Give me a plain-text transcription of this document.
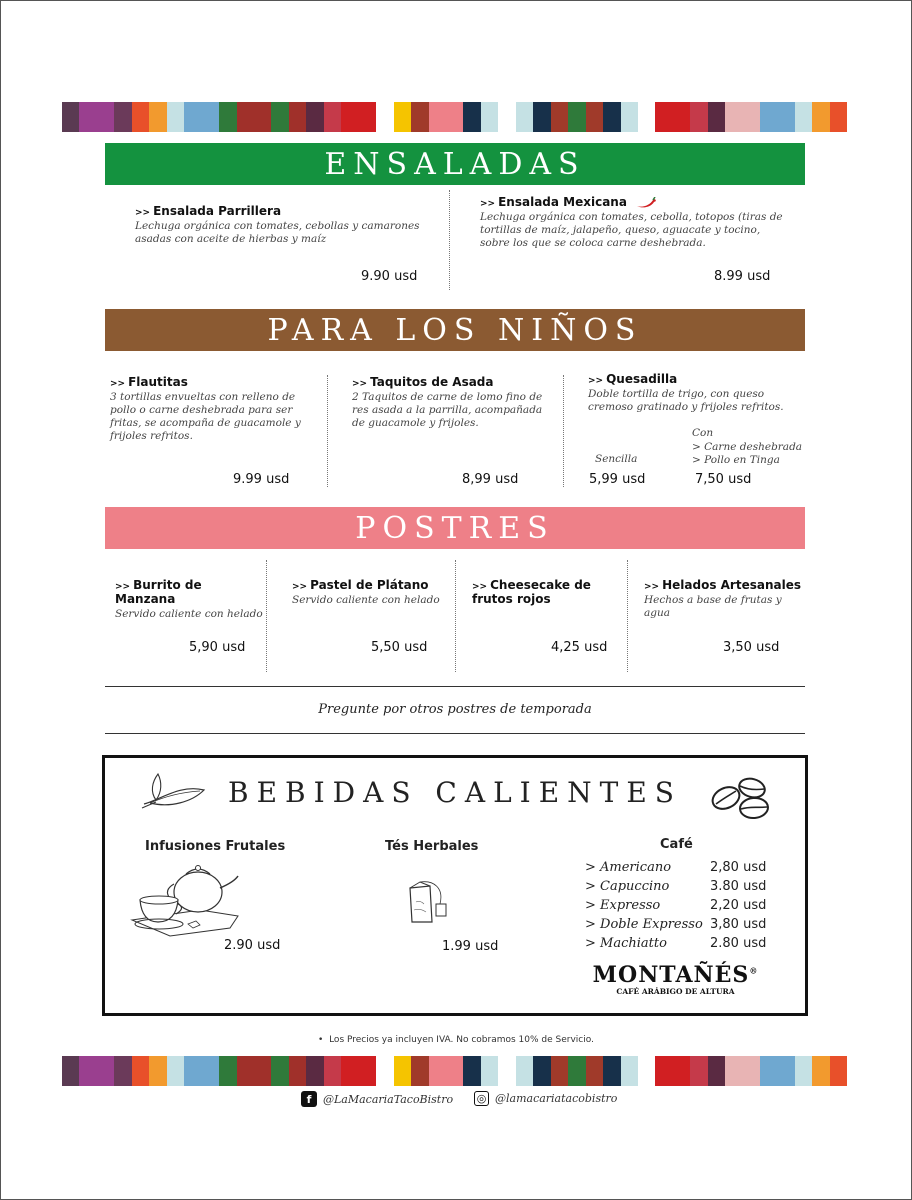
ENSALADAS
>> Ensalada Parrillera
Lechuga orgánica con tomates, cebollas y camarones asadas con aceite de hierbas y maíz
9.90 usd
>> Ensalada Mexicana
Lechuga orgánica con tomates, cebolla, totopos (tiras de tortillas de maíz, jalapeño, queso, aguacate y tocino, sobre los que se coloca carne deshebrada.
8.99 usd
PARA LOS NIÑOS
>> Flautitas
3 tortillas envueltas con relleno de pollo o carne deshebrada para ser fritas, se acompaña de guacamole y frijoles refritos.
9.99 usd
>> Taquitos de Asada
2 Taquitos de carne de lomo fino de res asada a la parrilla, acompañada de guacamole y frijoles.
8,99 usd
>> Quesadilla
Doble tortilla de trigo, con queso cremoso gratinado y frijoles refritos.
Sencilla
Con
> Carne deshebrada
> Pollo en Tinga
5,99 usd	7,50 usd
POSTRES
>> Burrito de Manzana
Servido caliente con helado
5,90 usd
>> Pastel de Plátano
Servido caliente con helado
5,50 usd
>> Cheesecake de
frutos rojos
4,25 usd
>> Helados Artesanales
Hechos a base de frutas y agua
3,50 usd
Pregunte por otros postres de temporada
BEBIDAS CALIENTES
Infusiones Frutales
2.90 usd
Tés Herbales
1.99 usd
Café
> Americano	2,80 usd
> Capuccino	3.80 usd
> Expresso	2,20 usd
> Doble Expresso 3,80 usd
> Machiatto	2.80 usd
MONTAÑÉS®
CAFÉ ARÁBIGO DE ALTURA
• Los Precios ya incluyen IVA. No cobramos 10% de Servicio.
f	@LaMacariaTacoBistro ◎ @lamacariatacobistro
